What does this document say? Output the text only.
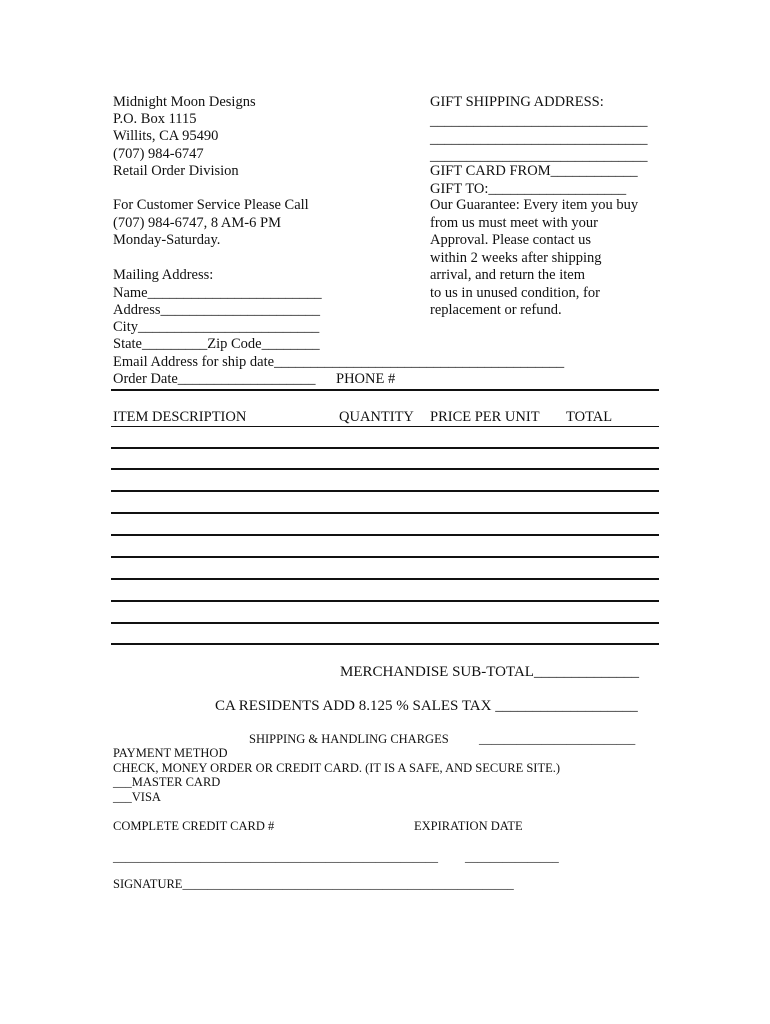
Midnight Moon Designs
P.O. Box 1115
Willits, CA 95490
(707) 984-6747
Retail Order Division
For Customer Service Please Call
(707) 984-6747, 8 AM-6 PM
Monday-Saturday.
GIFT SHIPPING ADDRESS:
______________________________
______________________________
______________________________
GIFT CARD FROM____________
GIFT TO:___________________
Our Guarantee: Every item you buy
from us must meet with your
Approval. Please contact us
within 2 weeks after shipping
arrival, and return the item
to us in unused condition, for
replacement or refund.
Mailing Address:
Name________________________
Address______________________
City_________________________
State_________Zip Code________
Email Address for ship date________________________________________
Order Date___________________ PHONE #
ITEM DESCRIPTION	QUANTITY PRICE PER UNIT TOTAL
MERCHANDISE SUB-TOTAL______________
CA RESIDENTS ADD 8.125 % SALES TAX ___________________
SHIPPING & HANDLING CHARGES _________________________
PAYMENT METHOD
CHECK, MONEY ORDER OR CREDIT CARD. (IT IS A SAFE, AND SECURE SITE.)
___MASTER CARD
___VISA
COMPLETE CREDIT CARD #	EXPIRATION DATE
____________________________________________________ _______________
SIGNATURE_____________________________________________________
